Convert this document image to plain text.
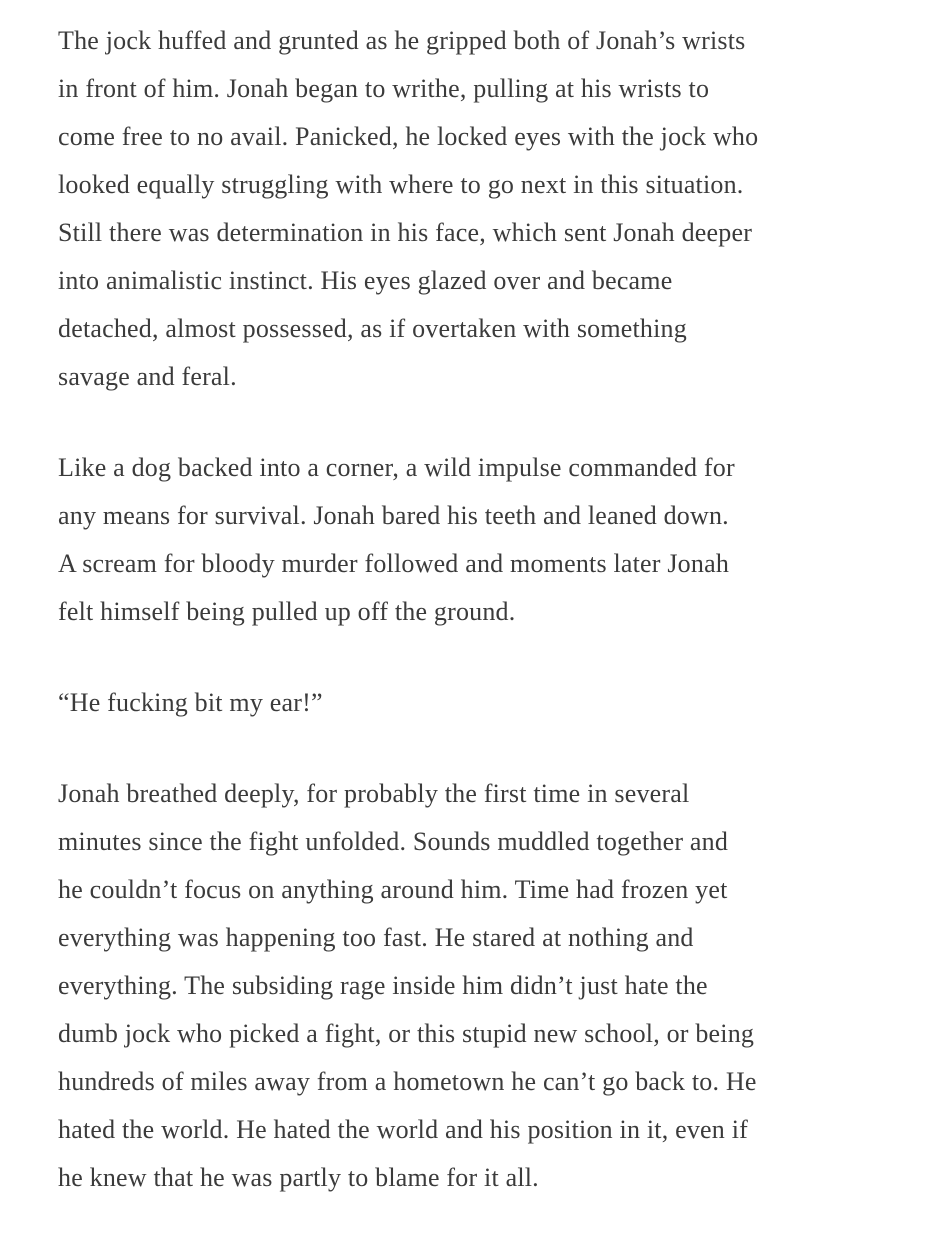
The jock huffed and grunted as he gripped both of Jonah’s wrists
in front of him. Jonah began to writhe, pulling at his wrists to
come free to no avail. Panicked, he locked eyes with the jock who
looked equally struggling with where to go next in this situation.
Still there was determination in his face, which sent Jonah deeper
into animalistic instinct. His eyes glazed over and became
detached, almost possessed, as if overtaken with something
savage and feral.

Like a dog backed into a corner, a wild impulse commanded for
any means for survival. Jonah bared his teeth and leaned down.
A scream for bloody murder followed and moments later Jonah
felt himself being pulled up off the ground.

“He fucking bit my ear!”

Jonah breathed deeply, for probably the first time in several
minutes since the fight unfolded. Sounds muddled together and
he couldn’t focus on anything around him. Time had frozen yet
everything was happening too fast. He stared at nothing and
everything. The subsiding rage inside him didn’t just hate the
dumb jock who picked a fight, or this stupid new school, or being
hundreds of miles away from a hometown he can’t go back to. He
hated the world. He hated the world and his position in it, even if
he knew that he was partly to blame for it all.
